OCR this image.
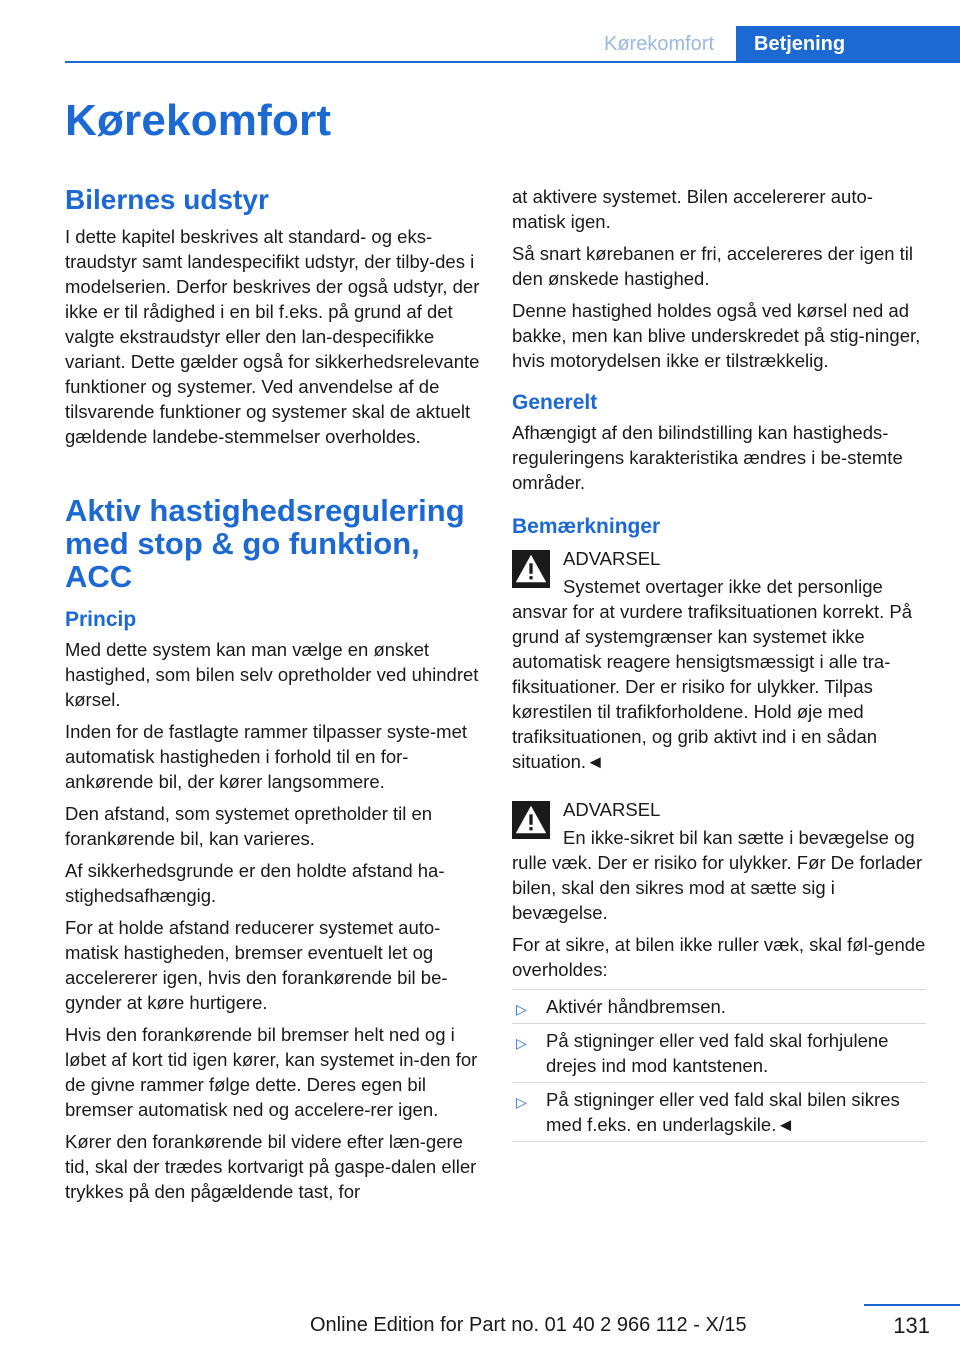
Kørekomfort	Betjening
Kørekomfort
Bilernes udstyr

I dette kapitel beskrives alt standard- og eks-traudstyr samt landespecifikt udstyr, der tilby-des i modelserien. Derfor beskrives der også udstyr, der ikke er til rådighed i en bil f.eks. på grund af det valgte ekstraudstyr eller den lan-despecifikke variant. Dette gælder også for sikkerhedsrelevante funktioner og systemer. Ved anvendelse af de tilsvarende funktioner og systemer skal de aktuelt gældende landebe-stemmelser overholdes.

Aktiv hastighedsregulering med stop & go funktion, ACC
Princip

Med dette system kan man vælge en ønsket hastighed, som bilen selv opretholder ved uhindret kørsel.

Inden for de fastlagte rammer tilpasser syste-met automatisk hastigheden i forhold til en for-ankørende bil, der kører langsommere.

Den afstand, som systemet opretholder til en forankørende bil, kan varieres.

Af sikkerhedsgrunde er den holdte afstand ha-stighedsafhængig.

For at holde afstand reducerer systemet auto-matisk hastigheden, bremser eventuelt let og accelererer igen, hvis den forankørende bil be-gynder at køre hurtigere.

Hvis den forankørende bil bremser helt ned og i løbet af kort tid igen kører, kan systemet in-den for de givne rammer følge dette. Deres egen bil bremser automatisk ned og accelere-rer igen.

Kører den forankørende bil videre efter læn-gere tid, skal der trædes kortvarigt på gaspe-dalen eller trykkes på den pågældende tast, for

at aktivere systemet. Bilen accelererer auto-matisk igen.

Så snart kørebanen er fri, accelereres der igen til den ønskede hastighed.

Denne hastighed holdes også ved kørsel ned ad bakke, men kan blive underskredet på stig-ninger, hvis motorydelsen ikke er tilstrækkelig.

Generelt

Afhængigt af den bilindstilling kan hastigheds-reguleringens karakteristika ændres i be-stemte områder.

Bemærkninger
ADVARSEL

Systemet overtager ikke det personlige ansvar for at vurdere trafiksituationen korrekt. På grund af systemgrænser kan systemet ikke automatisk reagere hensigtsmæssigt i alle tra-fiksituationer. Der er risiko for ulykker. Tilpas kørestilen til trafikforholdene. Hold øje med trafiksituationen, og grib aktivt ind i en sådan situation.◄

ADVARSEL

En ikke-sikret bil kan sætte i bevægelse og rulle væk. Der er risiko for ulykker. Før De forlader bilen, skal den sikres mod at sætte sig i bevægelse.

For at sikre, at bilen ikke ruller væk, skal føl-gende overholdes:

▷ Aktivér håndbremsen.
▷ På stigninger eller ved fald skal forhjulene drejes ind mod kantstenen.
▷ På stigninger eller ved fald skal bilen sikres med f.eks. en underlagskile.◄
131
Online Edition for Part no. 01 40 2 966 112 - X/15
